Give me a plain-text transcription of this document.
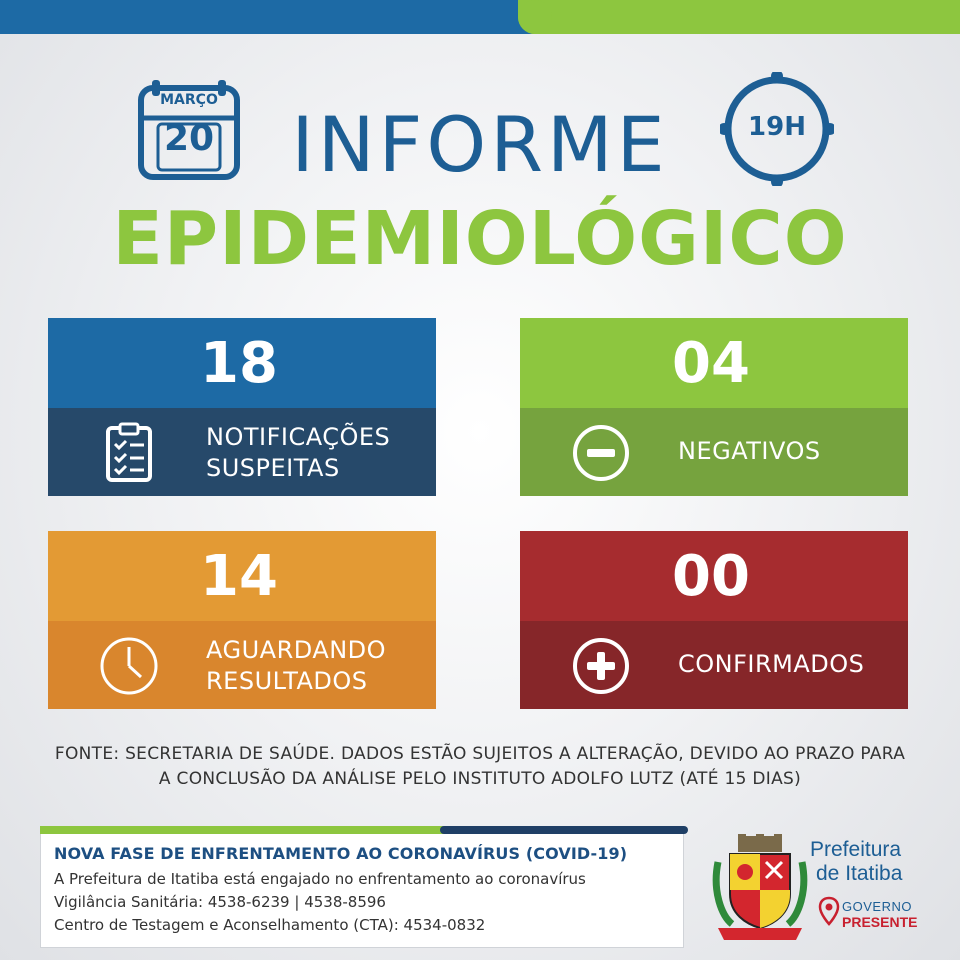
MARÇO
20	19H
INFORME
EPIDEMIOLÓGICO
18
NOTIFICAÇÕES
SUSPEITAS
04
NEGATIVOS
14
AGUARDANDO
RESULTADOS
00
CONFIRMADOS
FONTE: SECRETARIA DE SAÚDE. DADOS ESTÃO SUJEITOS A ALTERAÇÃO, DEVIDO AO PRAZO PARA
A CONCLUSÃO DA ANÁLISE PELO INSTITUTO ADOLFO LUTZ (ATÉ 15 DIAS)
NOVA FASE DE ENFRENTAMENTO AO CORONAVÍRUS (COVID-19)
A Prefeitura de Itatiba está engajado no enfrentamento ao coronavírus
Vigilância Sanitária: 4538-6239 | 4538-8596
Centro de Testagem e Aconselhamento (CTA): 4534-0832
Prefeitura
de Itatiba
GOVERNO
PRESENTE
